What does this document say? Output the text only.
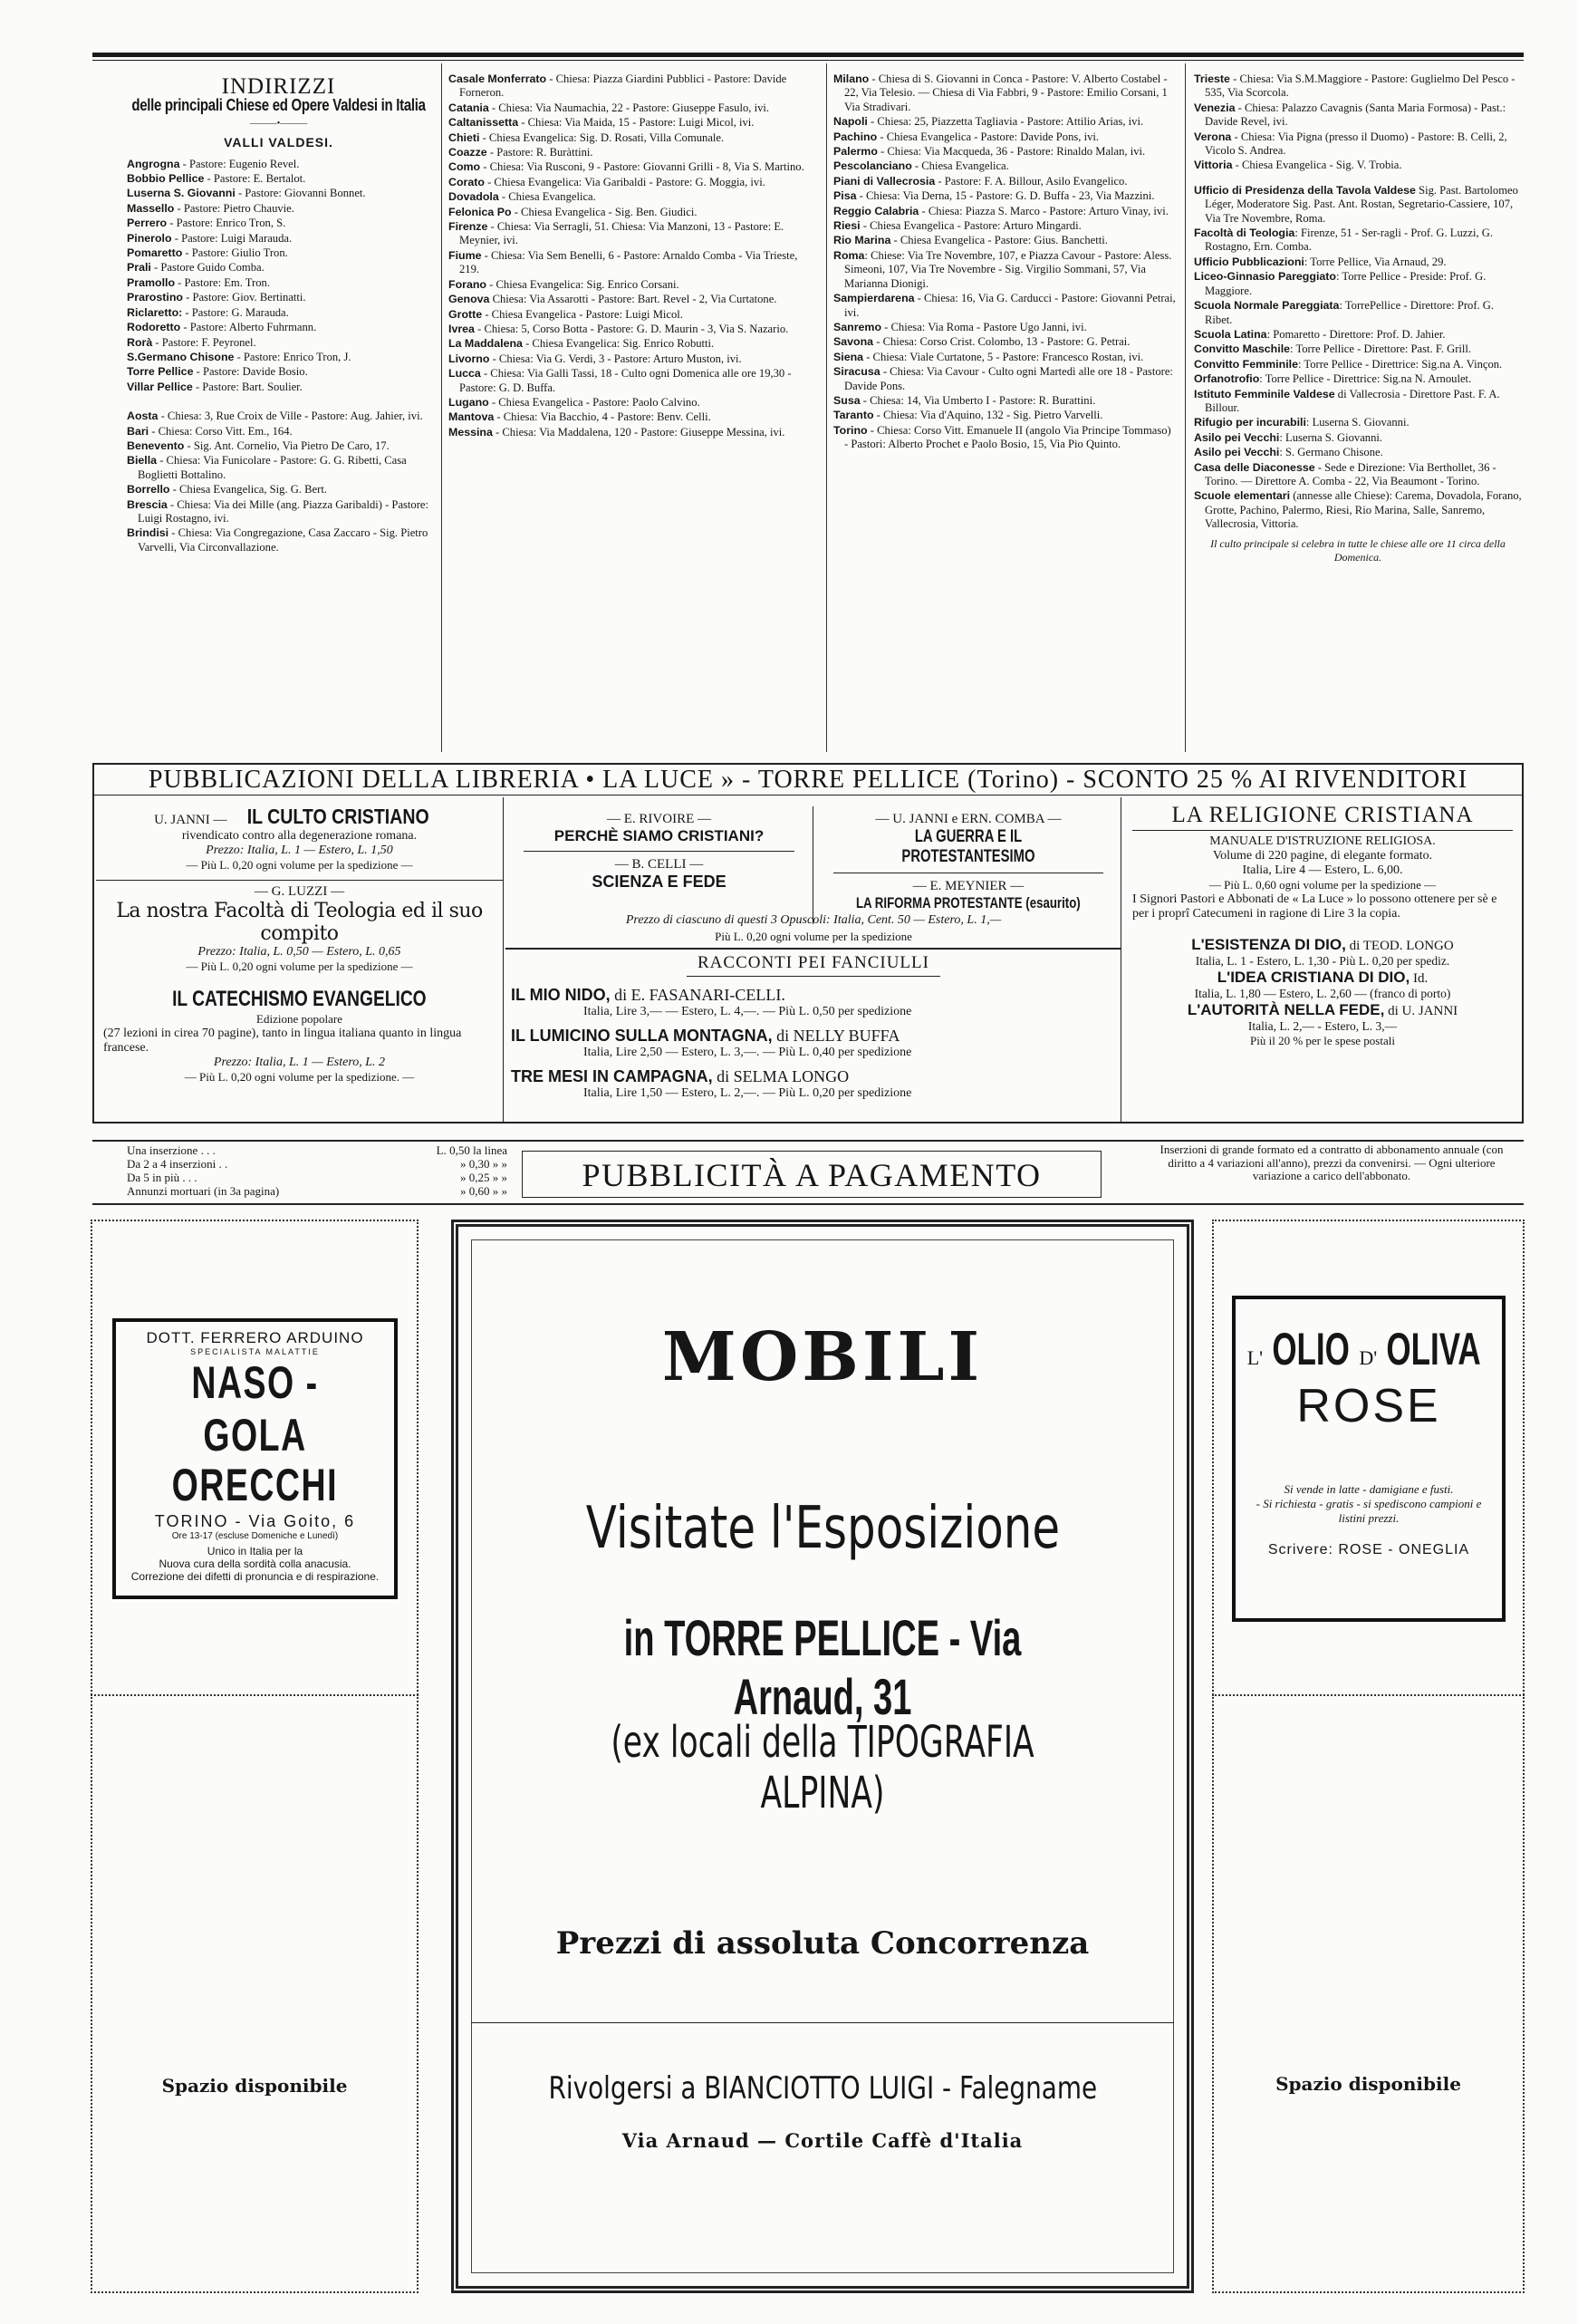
INDIRIZZI
delle principali Chiese ed Opere Valdesi in Italia
———•———
VALLI VALDESI.
Angrogna - Pastore: Eugenio Revel.
Bobbio Pellice - Pastore: E. Bertalot.
Luserna S. Giovanni - Pastore: Giovanni Bonnet.
Massello - Pastore: Pietro Chauvie.
Perrero - Pastore: Enrico Tron, S.
Pinerolo - Pastore: Luigi Marauda.
Pomaretto - Pastore: Giulio Tron.
Prali - Pastore Guido Comba.
Pramollo - Pastore: Em. Tron.
Prarostino - Pastore: Giov. Bertinatti.
Riclaretto: - Pastore: G. Marauda.
Rodoretto - Pastore: Alberto Fuhrmann.
Rorà - Pastore: F. Peyronel.
S.Germano Chisone - Pastore: Enrico Tron, J.
Torre Pellice - Pastore: Davide Bosio.
Villar Pellice - Pastore: Bart. Soulier.
Aosta - Chiesa: 3, Rue Croix de Ville - Pastore: Aug. Jahier, ivi.
Bari - Chiesa: Corso Vitt. Em., 164.
Benevento - Sig. Ant. Cornelio, Via Pietro De Caro, 17.
Biella - Chiesa: Via Funicolare - Pastore: G. G. Ribetti, Casa Boglietti Bottalino.
Borrello - Chiesa Evangelica, Sig. G. Bert.
Brescia - Chiesa: Via dei Mille (ang. Piazza Garibaldi) - Pastore: Luigi Rostagno, ivi.
Brindisi - Chiesa: Via Congregazione, Casa Zaccaro - Sig. Pietro Varvelli, Via Circonvallazione.
Casale Monferrato - Chiesa: Piazza Giardini Pubblici - Pastore: Davide Forneron.
Catania - Chiesa: Via Naumachia, 22 - Pastore: Giuseppe Fasulo, ivi.
Caltanissetta - Chiesa: Via Maida, 15 - Pastore: Luigi Micol, ivi.
Chieti - Chiesa Evangelica: Sig. D. Rosati, Villa Comunale.
Coazze - Pastore: R. Buràttini.
Como - Chiesa: Via Rusconi, 9 - Pastore: Giovanni Grilli - 8, Via S. Martino.
Corato - Chiesa Evangelica: Via Garibaldi - Pastore: G. Moggia, ivi.
Dovadola - Chiesa Evangelica.
Felonica Po - Chiesa Evangelica - Sig. Ben. Giudici.
Firenze - Chiesa: Via Serragli, 51. Chiesa: Via Manzoni, 13 - Pastore: E. Meynier, ivi.
Fiume - Chiesa: Via Sem Benelli, 6 - Pastore: Arnaldo Comba - Via Trieste, 219.
Forano - Chiesa Evangelica: Sig. Enrico Corsani.
Genova Chiesa: Via Assarotti - Pastore: Bart. Revel - 2, Via Curtatone.
Grotte - Chiesa Evangelica - Pastore: Luigi Micol.
Ivrea - Chiesa: 5, Corso Botta - Pastore: G. D. Maurin - 3, Via S. Nazario.
La Maddalena - Chiesa Evangelica: Sig. Enrico Robutti.
Livorno - Chiesa: Via G. Verdi, 3 - Pastore: Arturo Muston, ivi.
Lucca - Chiesa: Via Galli Tassi, 18 - Culto ogni Domenica alle ore 19,30 - Pastore: G. D. Buffa.
Lugano - Chiesa Evangelica - Pastore: Paolo Calvino.
Mantova - Chiesa: Via Bacchio, 4 - Pastore: Benv. Celli.
Messina - Chiesa: Via Maddalena, 120 - Pastore: Giuseppe Messina, ivi.
Milano - Chiesa di S. Giovanni in Conca - Pastore: V. Alberto Costabel - 22, Via Telesio. — Chiesa di Via Fabbri, 9 - Pastore: Emilio Corsani, 1 Via Stradivari.
Napoli - Chiesa: 25, Piazzetta Tagliavia - Pastore: Attilio Arias, ivi.
Pachino - Chiesa Evangelica - Pastore: Davide Pons, ivi.
Palermo - Chiesa: Via Macqueda, 36 - Pastore: Rinaldo Malan, ivi.
Pescolanciano - Chiesa Evangelica.
Piani di Vallecrosia - Pastore: F. A. Billour, Asilo Evangelico.
Pisa - Chiesa: Via Derna, 15 - Pastore: G. D. Buffa - 23, Via Mazzini.
Reggio Calabria - Chiesa: Piazza S. Marco - Pastore: Arturo Vinay, ivi.
Riesi - Chiesa Evangelica - Pastore: Arturo Mingardi.
Rio Marina - Chiesa Evangelica - Pastore: Gius. Banchetti.
Roma: Chiese: Via Tre Novembre, 107, e Piazza Cavour - Pastore: Aless. Simeoni, 107, Via Tre Novembre - Sig. Virgilio Sommani, 57, Via Marianna Dionigi.
Sampierdarena - Chiesa: 16, Via G. Carducci - Pastore: Giovanni Petrai, ivi.
Sanremo - Chiesa: Via Roma - Pastore Ugo Janni, ivi.
Savona - Chiesa: Corso Crist. Colombo, 13 - Pastore: G. Petrai.
Siena - Chiesa: Viale Curtatone, 5 - Pastore: Francesco Rostan, ivi.
Siracusa - Chiesa: Via Cavour - Culto ogni Martedì alle ore 18 - Pastore: Davide Pons.
Susa - Chiesa: 14, Via Umberto I - Pastore: R. Burattini.
Taranto - Chiesa: Via d'Aquino, 132 - Sig. Pietro Varvelli.
Torino - Chiesa: Corso Vitt. Emanuele II (angolo Via Principe Tommaso) - Pastori: Alberto Prochet e Paolo Bosio, 15, Via Pio Quinto.
Trieste - Chiesa: Via S.M.Maggiore - Pastore: Guglielmo Del Pesco - 535, Via Scorcola.
Venezia - Chiesa: Palazzo Cavagnis (Santa Maria Formosa) - Past.: Davide Revel, ivi.
Verona - Chiesa: Via Pigna (presso il Duomo) - Pastore: B. Celli, 2, Vicolo S. Andrea.
Vittoria - Chiesa Evangelica - Sig. V. Trobia.
Ufficio di Presidenza della Tavola Valdese Sig. Past. Bartolomeo Léger, Moderatore Sig. Past. Ant. Rostan, Segretario-Cassiere, 107, Via Tre Novembre, Roma.
Facoltà di Teologia: Firenze, 51 - Ser-ragli - Prof. G. Luzzi, G. Rostagno, Ern. Comba.
Ufficio Pubblicazioni: Torre Pellice, Via Arnaud, 29.
Liceo-Ginnasio Pareggiato: Torre Pellice - Preside: Prof. G. Maggiore.
Scuola Normale Pareggiata: TorrePellice - Direttore: Prof. G. Ribet.
Scuola Latina: Pomaretto - Direttore: Prof. D. Jahier.
Convitto Maschile: Torre Pellice - Direttore: Past. F. Grill.
Convitto Femminile: Torre Pellice - Direttrice: Sig.na A. Vinçon.
Orfanotrofio: Torre Pellice - Direttrice: Sig.na N. Arnoulet.
Istituto Femminile Valdese di Vallecrosia - Direttore Past. F. A. Billour.
Rifugio per incurabili: Luserna S. Giovanni.
Asilo pei Vecchi: Luserna S. Giovanni.
Asilo pei Vecchi: S. Germano Chisone.
Casa delle Diaconesse - Sede e Direzione: Via Berthollet, 36 - Torino. — Direttore A. Comba - 22, Via Beaumont - Torino.
Scuole elementari (annesse alle Chiese): Carema, Dovadola, Forano, Grotte, Pachino, Palermo, Riesi, Rio Marina, Salle, Sanremo, Vallecrosia, Vittoria.
Il culto principale si celebra in tutte le chiese alle ore 11 circa della Domenica.
PUBBLICAZIONI DELLA LIBRERIA • LA LUCE » - TORRE PELLICE (Torino) - SCONTO 25 % AI RIVENDITORI
U. JANNI — IL CULTO CRISTIANO
rivendicato contro alla degenerazione romana.
Prezzo: Italia, L. 1 — Estero, L. 1,50
— Più L. 0,20 ogni volume per la spedizione —
— G. LUZZI —
La nostra Facoltà di Teologia ed il suo compito
Prezzo: Italia, L. 0,50 — Estero, L. 0,65
— Più L. 0,20 ogni volume per la spedizione —
IL CATECHISMO EVANGELICO
Edizione popolare
(27 lezioni in cirea 70 pagine), tanto in lingua italiana quanto in lingua francese.
Prezzo: Italia, L. 1 — Estero, L. 2
— Più L. 0,20 ogni volume per la spedizione. —
— E. RIVOIRE —
PERCHÈ SIAMO CRISTIANI?
— B. CELLI —
SCIENZA E FEDE
— U. JANNI e ERN. COMBA —
LA GUERRA E IL PROTESTANTESIMO
— E. MEYNIER —
LA RIFORMA PROTESTANTE (esaurito)
Prezzo di ciascuno di questi 3 Opuscoli: Italia, Cent. 50 — Estero, L. 1,—
Più L. 0,20 ogni volume per la spedizione
RACCONTI PEI FANCIULLI
IL MIO NIDO, di E. FASANARI-CELLI.
Italia, Lire 3,— — Estero, L. 4,—. — Più L. 0,50 per spedizione
IL LUMICINO SULLA MONTAGNA, di NELLY BUFFA
Italia, Lire 2,50 — Estero, L. 3,—. — Più L. 0,40 per spedizione
TRE MESI IN CAMPAGNA, di SELMA LONGO
Italia, Lire 1,50 — Estero, L. 2,—. — Più L. 0,20 per spedizione
LA RELIGIONE CRISTIANA
MANUALE D'ISTRUZIONE RELIGIOSA.
Volume di 220 pagine, di elegante formato.
Italia, Lire 4 — Estero, L. 6,00.
— Più L. 0,60 ogni volume per la spedizione —
I Signori Pastori e Abbonati de « La Luce » lo possono ottenere per sè e per i proprî Catecumeni in ragione di Lire 3 la copia.
L'ESISTENZA DI DIO, di TEOD. LONGO
Italia, L. 1 - Estero, L. 1,30 - Più L. 0,20 per spediz.
L'IDEA CRISTIANA DI DIO, Id.
Italia, L. 1,80 — Estero, L. 2,60 — (franco di porto)
L'AUTORITÀ NELLA FEDE, di U. JANNI
Italia, L. 2,— - Estero, L. 3,—
Più il 20 % per le spese postali
Una inserzione . . .	L. 0,50 la linea
Da 2 a 4 inserzioni . .	» 0,30 » »
Da 5 in più . . .	» 0,25 » »
Annunzi mortuari (in 3a pagina)	» 0,60 » »	PUBBLICITÀ A PAGAMENTO
Inserzioni di grande formato ed a contratto di abbonamento annuale (con diritto a 4 variazioni all'anno), prezzi da convenirsi. — Ogni ulteriore variazione a carico dell'abbonato.
DOTT. FERRERO ARDUINO
SPECIALISTA MALATTIE
NASO - GOLA
ORECCHI
TORINO - Via Goito, 6
Ore 13-17 (escluse Domeniche e Lunedì)
Unico in Italia per la
Nuova cura della sordità colla anacusia.
Correzione dei difetti di pronuncia e di respirazione.
Spazio disponibile
MOBILI
Visitate l'Esposizione
in TORRE PELLICE - Via Arnaud, 31
(ex locali della TIPOGRAFIA ALPINA)
Prezzi di assoluta Concorrenza
Rivolgersi a BIANCIOTTO LUIGI - Falegname
Via Arnaud — Cortile Caffè d'Italia
L' OLIO D' OLIVA
ROSE
Si vende in latte - damigiane e fusti.
- Si richiesta - gratis - si spediscono campioni e listini prezzi.
Scrivere: ROSE - ONEGLIA
Spazio disponibile
